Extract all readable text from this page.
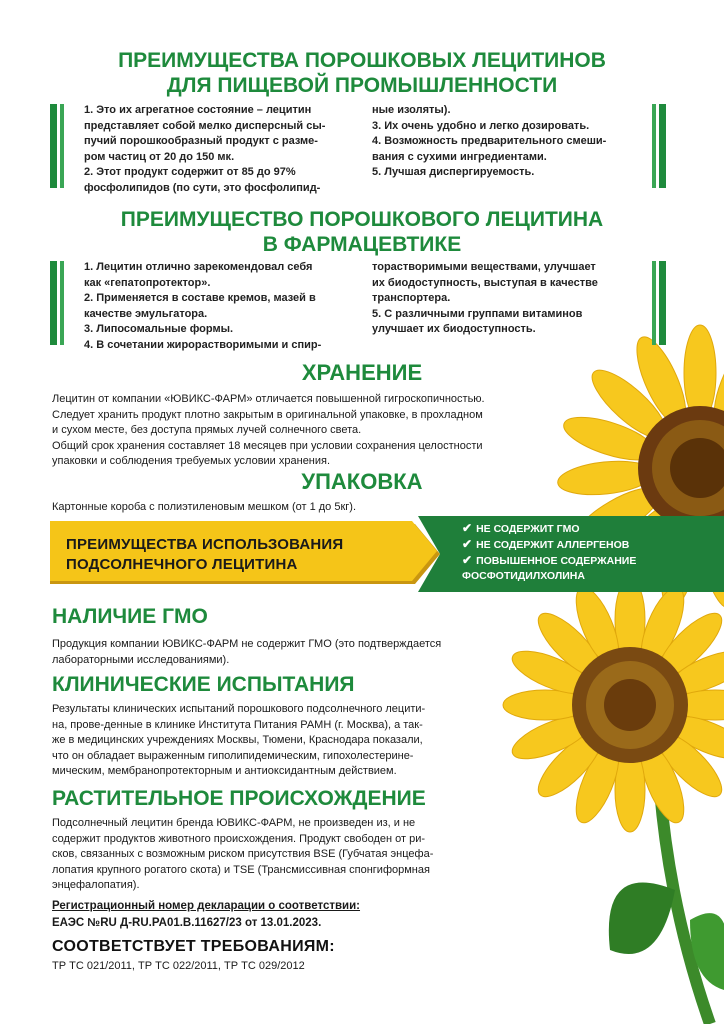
ПРЕИМУЩЕСТВА ПОРОШКОВЫХ ЛЕЦИТИНОВ
ДЛЯ ПИЩЕВОЙ ПРОМЫШЛЕННОСТИ
1. Это их агрегатное состояние – лецитин
представляет собой мелко дисперсный сы-
пучий порошкообразный продукт с разме-
ром частиц от 20 до 150 мк.
2. Этот продукт содержит от 85 до 97%
фосфолипидов (по сути, это фосфолипид-
ные изоляты).
3. Их очень удобно и легко дозировать.
4. Возможность предварительного смеши-
вания с сухими ингредиентами.
5. Лучшая диспергируемость.
ПРЕИМУЩЕСТВО ПОРОШКОВОГО ЛЕЦИТИНА
В ФАРМАЦЕВТИКЕ
1. Лецитин отлично зарекомендовал себя
как «гепатопротектор».
2. Применяется в составе кремов, мазей в
качестве эмульгатора.
3. Липосомальные формы.
4. В сочетании жирорастворимыми и спир-
торастворимыми веществами, улучшает
их биодоступность, выступая в качестве
транспортера.
5. С различными группами витаминов
улучшает их биодоступность.
ХРАНЕНИЕ
Лецитин от компании «ЮВИКС-ФАРМ» отличается повышенной гигроскопичностью.
Следует хранить продукт плотно закрытым в оригинальной упаковке, в прохладном
и сухом месте, без доступа прямых лучей солнечного света.
Общий срок хранения составляет 18 месяцев при условии сохранения целостности
упаковки и соблюдения требуемых условии хранения.
УПАКОВКА
Картонные короба с полиэтиленовым мешком (от 1 до 5кг).
ПРЕИМУЩЕСТВА ИСПОЛЬЗОВАНИЯ
ПОДСОЛНЕЧНОГО ЛЕЦИТИНА
✔ НЕ СОДЕРЖИТ ГМО
✔ НЕ СОДЕРЖИТ АЛЛЕРГЕНОВ
✔ ПОВЫШЕННОЕ СОДЕРЖАНИЕ
ФОСФОТИДИЛХОЛИНА
НАЛИЧИЕ ГМО
Продукция компании ЮВИКС-ФАРМ не содержит ГМО (это подтверждается
лабораторными исследованиями).
КЛИНИЧЕСКИЕ ИСПЫТАНИЯ
Результаты клинических испытаний порошкового подсолнечного лецити-
на, прове-денные в клинике Института Питания РАМН (г. Москва), а так-
же в медицинских учреждениях Москвы, Тюмени, Краснодара показали,
что он обладает выраженным гиполипидемическим, гипохолестерине-
мическим, мембранопротекторным и антиоксидантным действием.
РАСТИТЕЛЬНОЕ ПРОИСХОЖДЕНИЕ
Подсолнечный лецитин бренда ЮВИКС-ФАРМ, не произведен из, и не
содержит продуктов животного происхождения. Продукт свободен от ри-
сков, связанных с возможным риском присутствия BSE (Губчатая энцефа-
лопатия крупного рогатого скота) и TSE (Трансмиссивная спонгиформная
энцефалопатия).
Регистрационный номер декларации о соответствии:
ЕАЭС №RU Д-RU.PA01.B.11627/23 от 13.01.2023.
СООТВЕТСТВУЕТ ТРЕБОВАНИЯМ:
ТР ТС 021/2011, ТР ТС 022/2011, ТР ТС 029/2012
